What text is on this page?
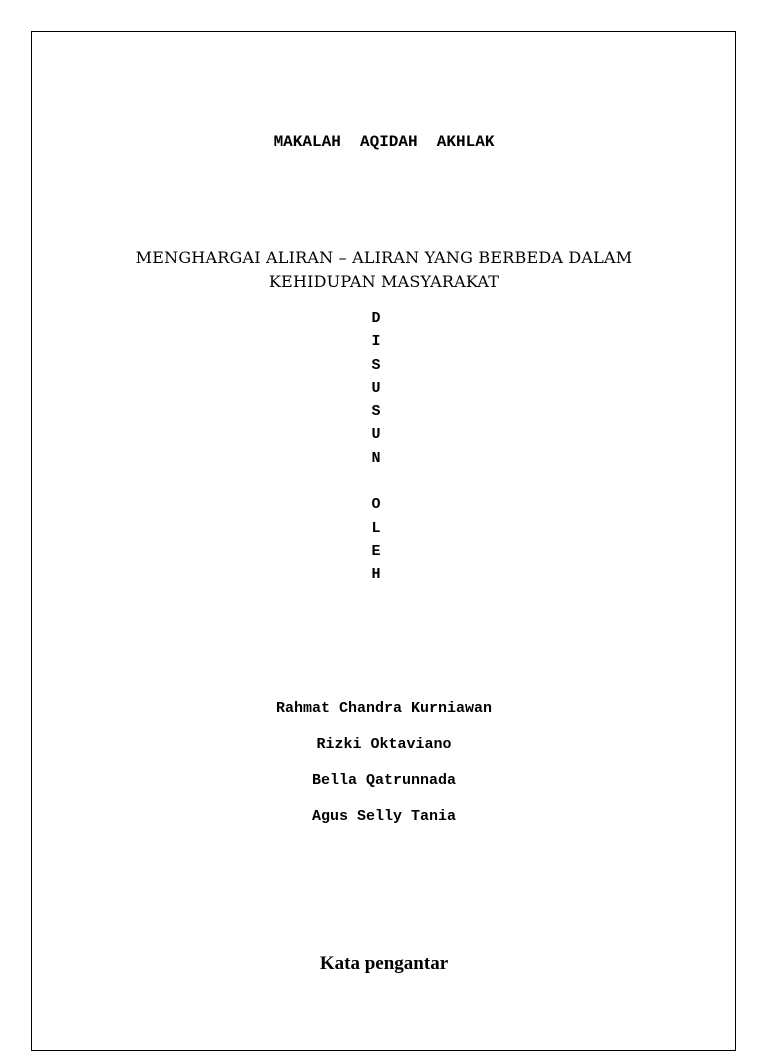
MAKALAH  AQIDAH  AKHLAK
MENGHARGAI ALIRAN – ALIRAN YANG BERBEDA DALAM
KEHIDUPAN MASYARAKAT
D
I
S
U
S
U
N
O
L
E
H
Rahmat Chandra Kurniawan
Rizki Oktaviano
Bella Qatrunnada
Agus Selly Tania
Kata pengantar
